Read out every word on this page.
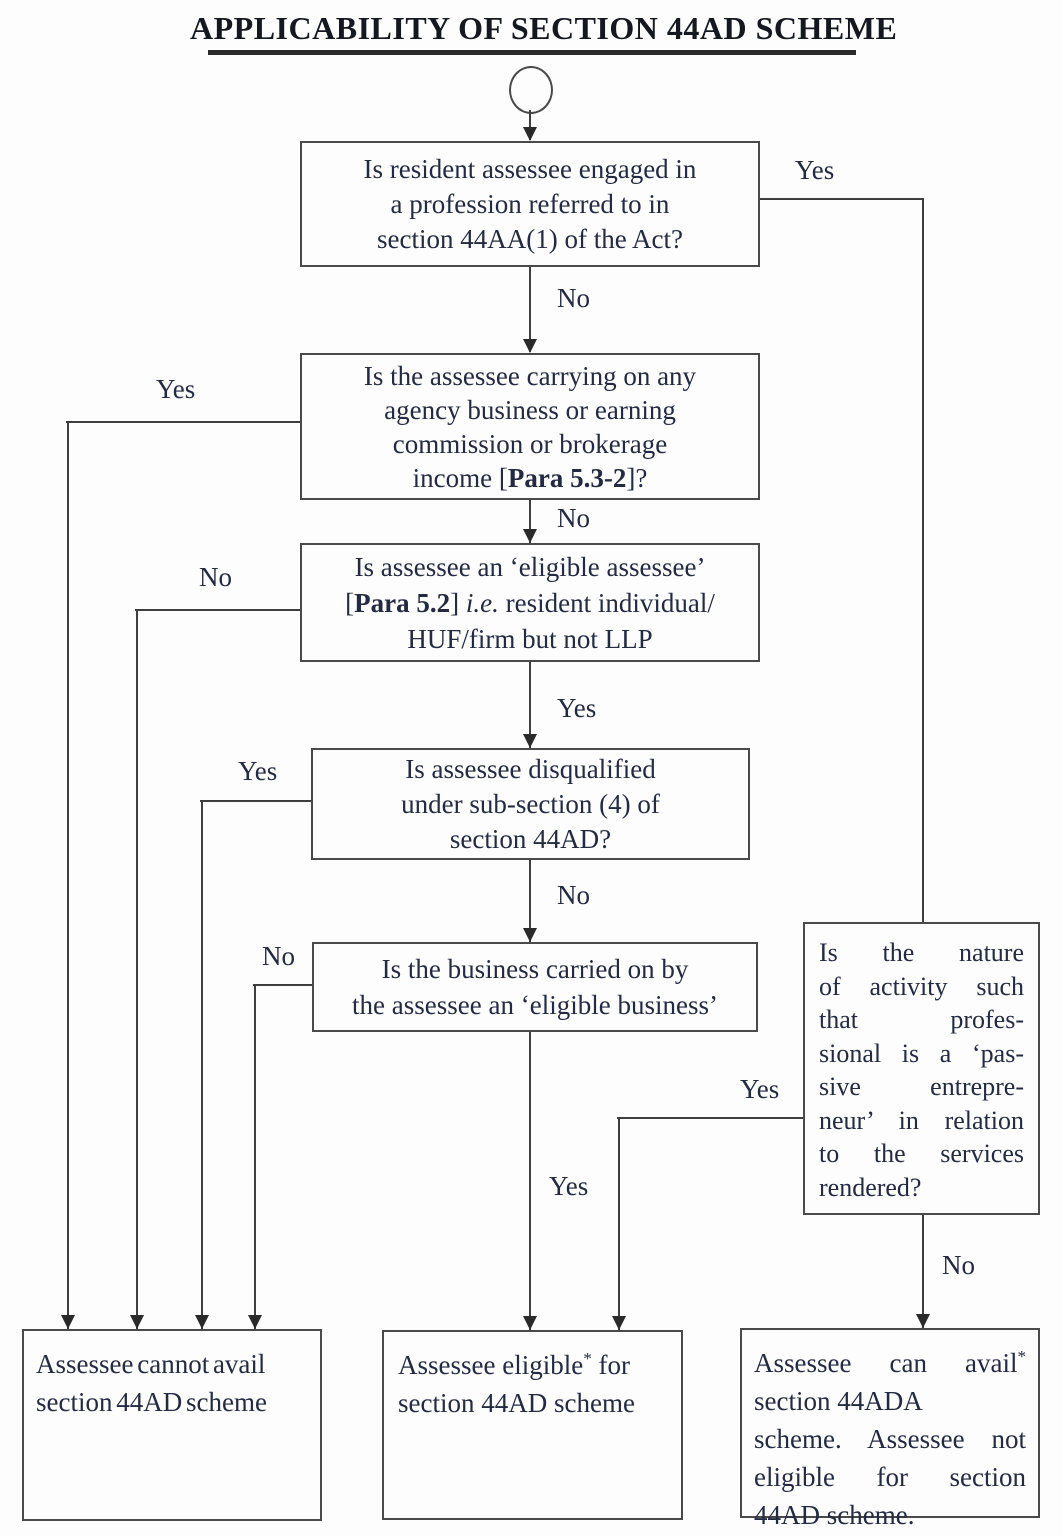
APPLICABILITY OF SECTION 44AD SCHEME
Yes
No
Yes
No
No
Yes
Yes
No
No
Yes
Yes
No
Is resident assessee engaged in
a profession referred to in
section 44AA(1) of the Act?
Is the assessee carrying on any
agency business or earning
commission or brokerage
income [Para 5.3-2]?
Is assessee an ‘eligible assessee’
[Para 5.2] i.e. resident individual/
HUF/firm but not LLP
Is assessee disqualified
under sub-section (4) of
section 44AD?
Is the business carried on by
the assessee an ‘eligible business’
Is the nature
of activity such
that profes-
sional is a ‘pas-
sive entrepre-
neur’ in relation
to the services
rendered?
Assessee cannot avail
section 44AD scheme
Assessee eligible* for
section 44AD scheme
Assessee can avail*
section 44ADA
scheme. Assessee not
eligible for section
44AD scheme.
